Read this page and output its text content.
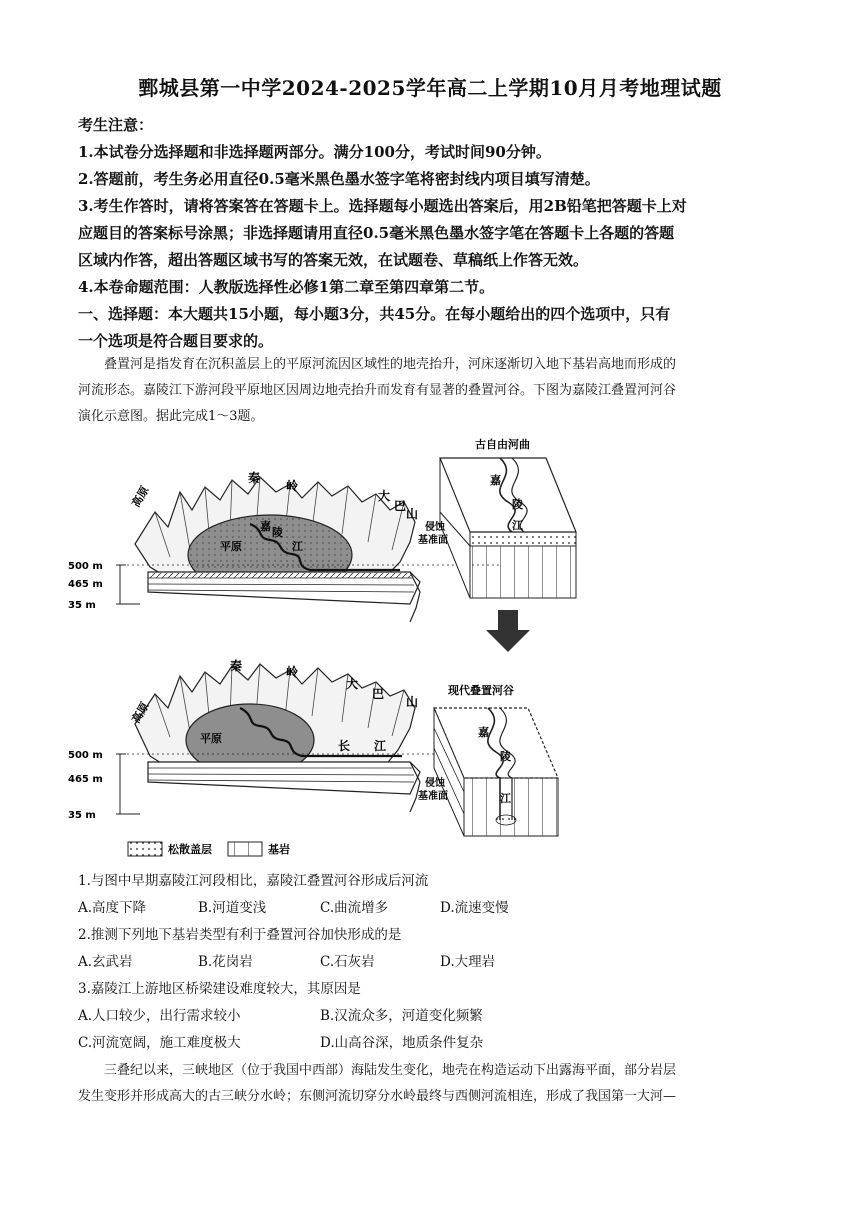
鄄城县第一中学2024-2025学年高二上学期10月月考地理试题
考生注意：
1.本试卷分选择题和非选择题两部分。满分100分，考试时间90分钟。
2.答题前，考生务必用直径0.5毫米黑色墨水签字笔将密封线内项目填写清楚。
3.考生作答时，请将答案答在答题卡上。选择题每小题选出答案后，用2B铅笔把答题卡上对
应题目的答案标号涂黑；非选择题请用直径0.5毫米黑色墨水签字笔在答题卡上各题的答题
区域内作答，超出答题区域书写的答案无效，在试题卷、草稿纸上作答无效。
4.本卷命题范围：人教版选择性必修1第二章至第四章第二节。
一、选择题：本大题共15小题，每小题3分，共45分。在每小题给出的四个选项中，只有
一个选项是符合题目要求的。
叠置河是指发育在沉积盖层上的平原河流因区域性的地壳抬升，河床逐渐切入地下基岩高地而形成的
河流形态。嘉陵江下游河段平原地区因周边地壳抬升而发育有显著的叠置河谷。下图为嘉陵江叠置河河谷
演化示意图。据此完成1～3题。
500 m
465 m
35 m
高原
秦
岭
大
巴
山
平原
嘉 陵
江
古自由河曲
嘉
陵
江
侵蚀
基准面
500 m
465 m
35 m
高原
秦	岭
大
巴
山
平原
长 江
现代叠置河谷
嘉
陵
江
侵蚀
基准面
松散盖层	基岩
1.与图中早期嘉陵江河段相比，嘉陵江叠置河谷形成后河流
A.高度下降	B.河道变浅	C.曲流增多	D.流速变慢
2.推测下列地下基岩类型有利于叠置河谷加快形成的是
A.玄武岩	B.花岗岩	C.石灰岩	D.大理岩
3.嘉陵江上游地区桥梁建设难度较大，其原因是
A.人口较少，出行需求较小	B.汉流众多，河道变化频繁
C.河流宽阔，施工难度极大	D.山高谷深，地质条件复杂
三叠纪以来，三峡地区（位于我国中西部）海陆发生变化，地壳在构造运动下出露海平面，部分岩层
发生变形并形成高大的古三峡分水岭；东侧河流切穿分水岭最终与西侧河流相连，形成了我国第一大河—
